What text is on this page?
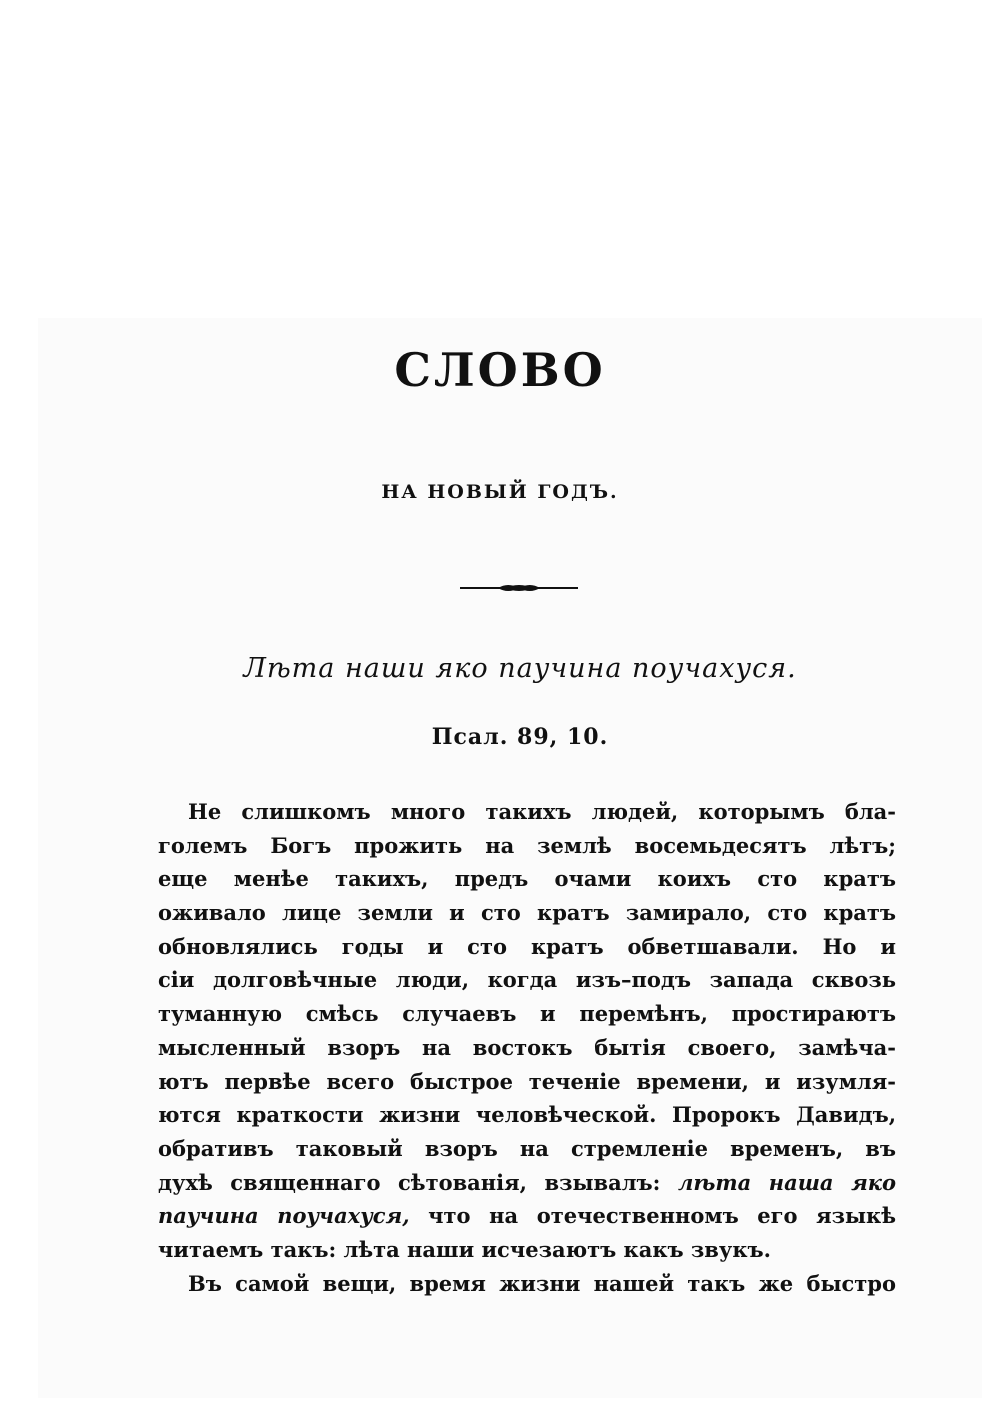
СЛОВО
НА НОВЫЙ ГОДЪ.
Лѣта наши яко паучина поучахуся.
Псал. 89, 10.
Не слишкомъ много такихъ людей, которымъ бла-
големъ Богъ прожить на землѣ восемьдесятъ лѣтъ;
еще менѣе такихъ, предъ очами коихъ сто кратъ
оживало лице земли и сто кратъ замирало, сто кратъ
обновлялись годы и сто кратъ обветшавали. Но и
сiи долговѣчные люди, когда изъ–подъ запада сквозь
туманную смѣсь случаевъ и перемѣнъ, простираютъ
мысленный взоръ на востокъ бытiя своего, замѣча-
ютъ первѣе всего быстрое теченiе времени, и изумля-
ются краткости жизни человѣческой. Пророкъ Давидъ,
обративъ таковый взоръ на стремленiе временъ, въ
духѣ священнаго сѣтованiя, взывалъ: лѣта наша яко
паучина поучахуся, что на отечественномъ его языкѣ
читаемъ такъ: лѣта наши исчезаютъ какъ звукъ.
Въ самой вещи, время жизни нашей такъ же быстро
